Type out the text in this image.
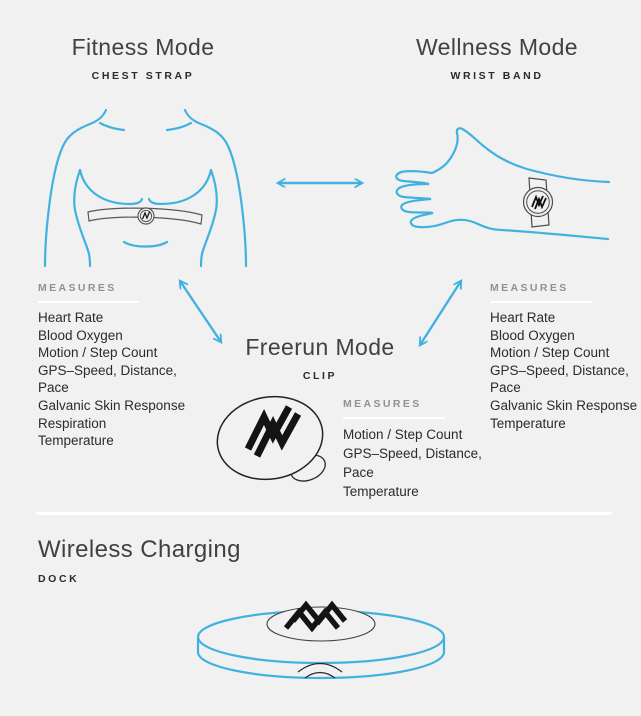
Fitness Mode
CHEST STRAP
Wellness Mode
WRIST BAND
MEASURES
Heart Rate
Blood Oxygen
Motion / Step Count
GPS–Speed, Distance, Pace
Galvanic Skin Response
Respiration
Temperature
MEASURES
Heart Rate
Blood Oxygen
Motion / Step Count
GPS–Speed, Distance, Pace
Galvanic Skin Response
Temperature
Freerun Mode
CLIP
MEASURES
Motion / Step Count
GPS–Speed, Distance, Pace
Temperature
Wireless Charging
DOCK
